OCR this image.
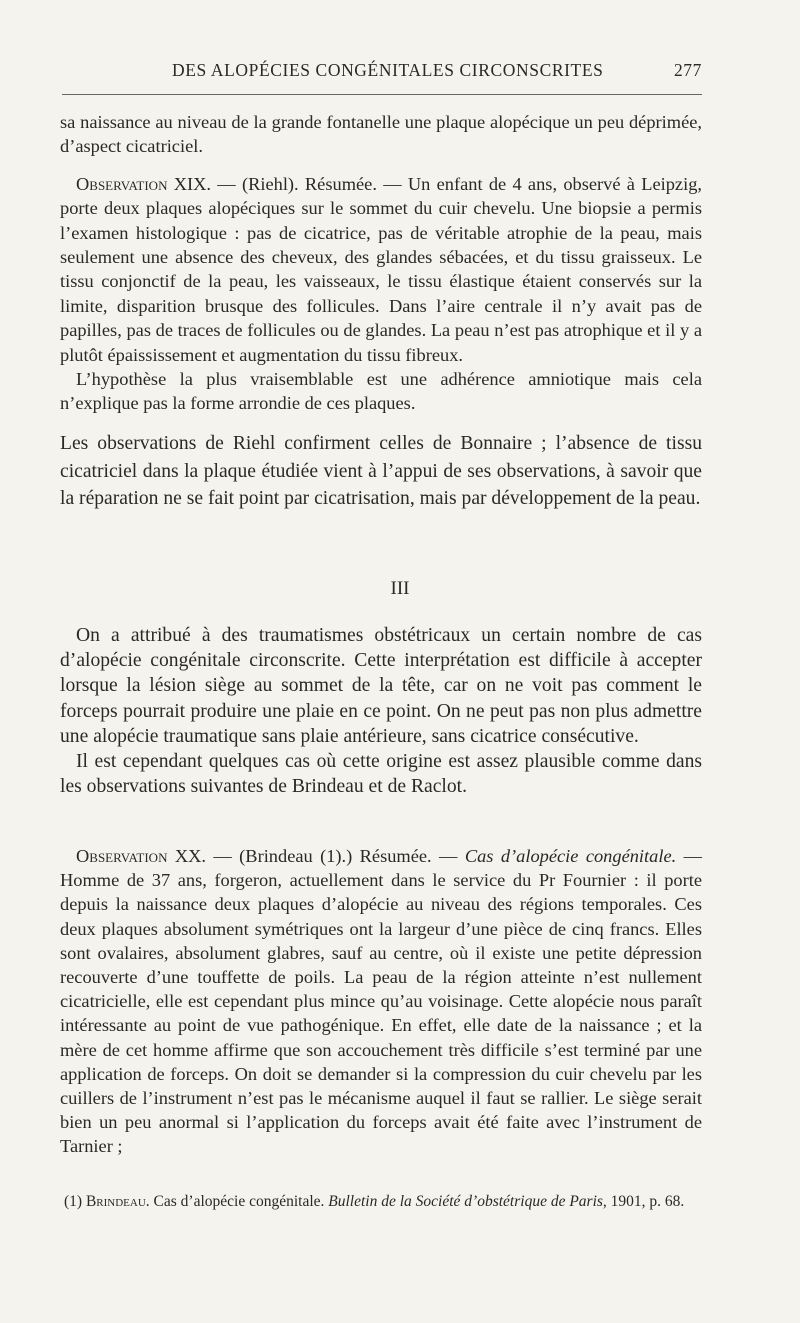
DES ALOPÉCIES CONGÉNITALES CIRCONSCRITES	277

sa naissance au niveau de la grande fontanelle une plaque alopécique un peu déprimée, d’aspect cicatriciel.

Observation XIX. — (Riehl). Résumée. — Un enfant de 4 ans, observé à Leipzig, porte deux plaques alopéciques sur le sommet du cuir chevelu. Une biopsie a permis l’examen histologique : pas de cicatrice, pas de véritable atrophie de la peau, mais seulement une absence des cheveux, des glandes sébacées, et du tissu graisseux. Le tissu conjonctif de la peau, les vaisseaux, le tissu élastique étaient conservés sur la limite, disparition brusque des follicules. Dans l’aire centrale il n’y avait pas de papilles, pas de traces de follicules ou de glandes. La peau n’est pas atrophique et il y a plutôt épaississement et augmentation du tissu fibreux.

L’hypothèse la plus vraisemblable est une adhérence amniotique mais cela n’explique pas la forme arrondie de ces plaques.

Les observations de Riehl confirment celles de Bonnaire ; l’absence de tissu cicatriciel dans la plaque étudiée vient à l’appui de ses observations, à savoir que la réparation ne se fait point par cicatrisation, mais par développement de la peau.

III

On a attribué à des traumatismes obstétricaux un certain nombre de cas d’alopécie congénitale circonscrite. Cette interprétation est difficile à accepter lorsque la lésion siège au sommet de la tête, car on ne voit pas comment le forceps pourrait produire une plaie en ce point. On ne peut pas non plus admettre une alopécie traumatique sans plaie antérieure, sans cicatrice consécutive.

Il est cependant quelques cas où cette origine est assez plausible comme dans les observations suivantes de Brindeau et de Raclot.

Observation XX. — (Brindeau (1).) Résumée. — Cas d’alopécie congénitale. — Homme de 37 ans, forgeron, actuellement dans le service du Pr Fournier : il porte depuis la naissance deux plaques d’alopécie au niveau des régions temporales. Ces deux plaques absolument symétriques ont la largeur d’une pièce de cinq francs. Elles sont ovalaires, absolument glabres, sauf au centre, où il existe une petite dépression recouverte d’une touffette de poils. La peau de la région atteinte n’est nullement cicatricielle, elle est cependant plus mince qu’au voisinage. Cette alopécie nous paraît intéressante au point de vue pathogénique. En effet, elle date de la naissance ; et la mère de cet homme affirme que son accouchement très difficile s’est terminé par une application de forceps. On doit se demander si la compression du cuir chevelu par les cuillers de l’instrument n’est pas le mécanisme auquel il faut se rallier. Le siège serait bien un peu anormal si l’application du forceps avait été faite avec l’instrument de Tarnier ;

(1) Brindeau. Cas d’alopécie congénitale. Bulletin de la Société d’obstétrique de Paris, 1901, p. 68.
